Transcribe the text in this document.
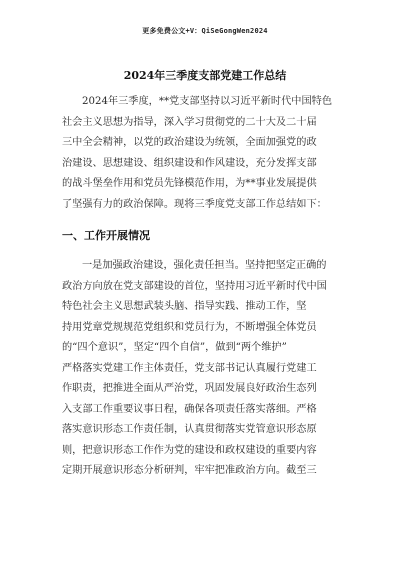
更多免费公文+V：QiSeGongWen2024
2024年三季度支部党建工作总结
2024年三季度，**党支部坚持以习近平新时代中国特色
社会主义思想为指导，深入学习贯彻党的二十大及二十届
三中全会精神，以党的政治建设为统领，全面加强党的政
治建设、思想建设、组织建设和作风建设，充分发挥支部
的战斗堡垒作用和党员先锋模范作用，为**事业发展提供
了坚强有力的政治保障。现将三季度党支部工作总结如下：
一、工作开展情况
一是加强政治建设，强化责任担当。坚持把坚定正确的
政治方向放在党支部建设的首位，坚持用习近平新时代中国
特色社会主义思想武装头脑、指导实践、推动工作，坚
持用党章党规规范党组织和党员行为，不断增强全体党员
的“四个意识”，坚定“四个自信”，做到“两个维护”
严格落实党建工作主体责任，党支部书记认真履行党建工
作职责，把推进全面从严治党，巩固发展良好政治生态列
入支部工作重要议事日程，确保各项责任落实落细。严格
落实意识形态工作责任制，认真贯彻落实党管意识形态原
则，把意识形态工作作为党的建设和政权建设的重要内容
定期开展意识形态分析研判，牢牢把准政治方向。截至三
